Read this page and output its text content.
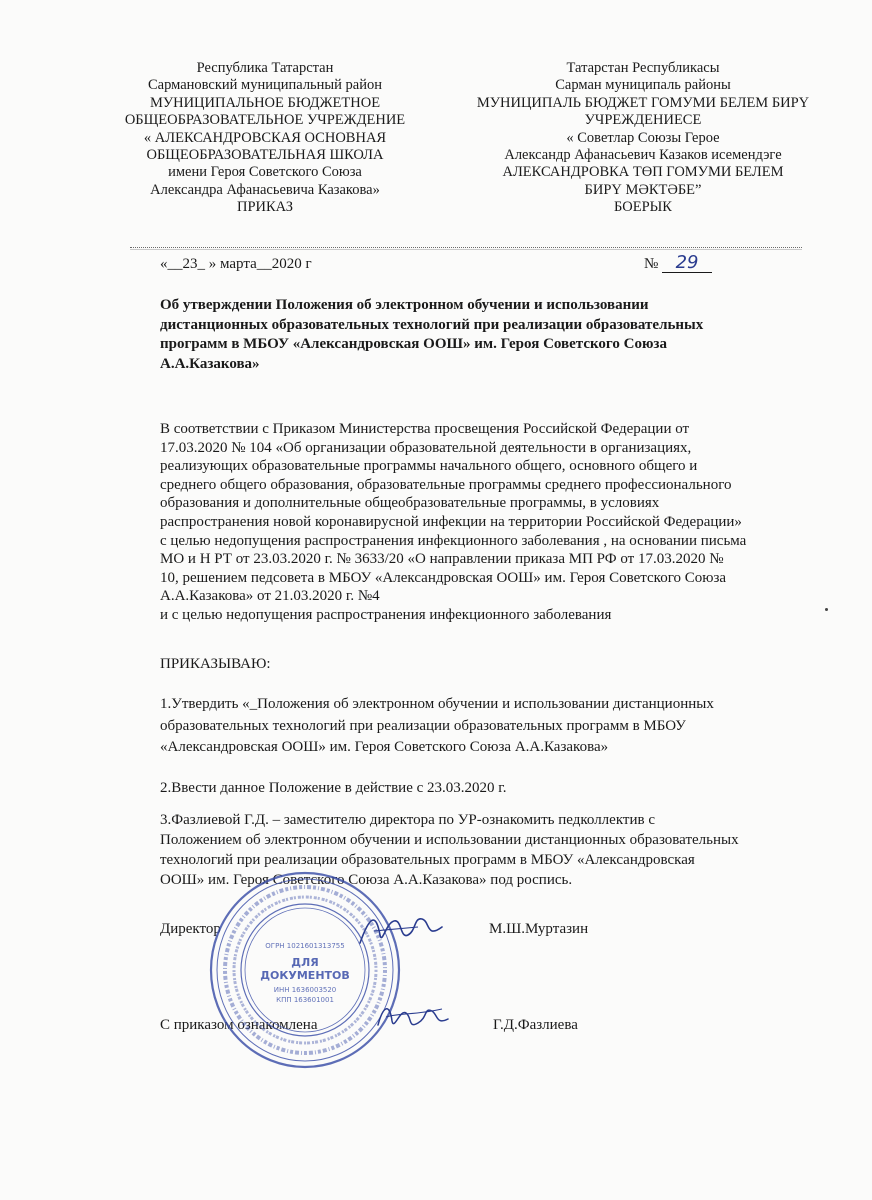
Республика Татарстан
Сармановский муниципальный район
МУНИЦИПАЛЬНОЕ БЮДЖЕТНОЕ
ОБЩЕОБРАЗОВАТЕЛЬНОЕ УЧРЕЖДЕНИЕ
« АЛЕКСАНДРОВСКАЯ ОСНОВНАЯ
ОБЩЕОБРАЗОВАТЕЛЬНАЯ ШКОЛА
имени Героя Советского Союза
Александра Афанасьевича Казакова»
ПРИКАЗ
Татарстан Республикасы
Сарман муниципаль районы
МУНИЦИПАЛЬ БЮДЖЕТ ГОМУМИ БЕЛЕМ БИРҮ
УЧРЕЖДЕНИЕСЕ
« Советлар Союзы Герое
Александр Афанасьевич Казаков исемендэге
АЛЕКСАНДРОВКА ТӨП ГОМУМИ БЕЛЕМ
БИРҮ МӘКТӘБЕ”
БОЕРЫК
«__23_ » марта__2020 г	№ 29
Об утверждении Положения об электронном обучении и использовании
дистанционных образовательных технологий при реализации образовательных
программ в МБОУ «Александровская ООШ» им. Героя Советского Союза
А.А.Казакова»
В соответствии с Приказом Министерства просвещения Российской Федерации от
17.03.2020 № 104 «Об организации образовательной деятельности в организациях,
реализующих образовательные программы начального общего, основного общего и
среднего общего образования, образовательные программы среднего профессионального
образования и дополнительные общеобразовательные программы, в условиях
распространения новой коронавирусной инфекции на территории Российской Федерации»
с целью недопущения распространения инфекционного заболевания , на основании письма
МО и Н РТ от 23.03.2020 г. № 3633/20 «О направлении приказа МП РФ от 17.03.2020 №
10, решением педсовета в МБОУ «Александровская ООШ» им. Героя Советского Союза
А.А.Казакова» от 21.03.2020 г. №4
и с целью недопущения распространения инфекционного заболевания
ПРИКАЗЫВАЮ:
1.Утвердить «_Положения об электронном обучении и использовании дистанционных
образовательных технологий при реализации образовательных программ в МБОУ
«Александровская ООШ» им. Героя Советского Союза А.А.Казакова»
2.Ввести данное Положение в действие с 23.03.2020 г.
3.Фазлиевой Г.Д. – заместителю директора по УР-ознакомить педколлектив с
Положением об электронном обучении и использовании дистанционных образовательных
технологий при реализации образовательных программ в МБОУ «Александровская
ООШ» им. Героя Советского Союза А.А.Казакова» под роспись.
Директор	М.Ш.Муртазин
С приказом ознакомлена	Г.Д.Фазлиева
ДЛЯ
ДОКУМЕНТОВ
ИНН 1636003520
КПП 163601001
ОГРН 1021601313755
